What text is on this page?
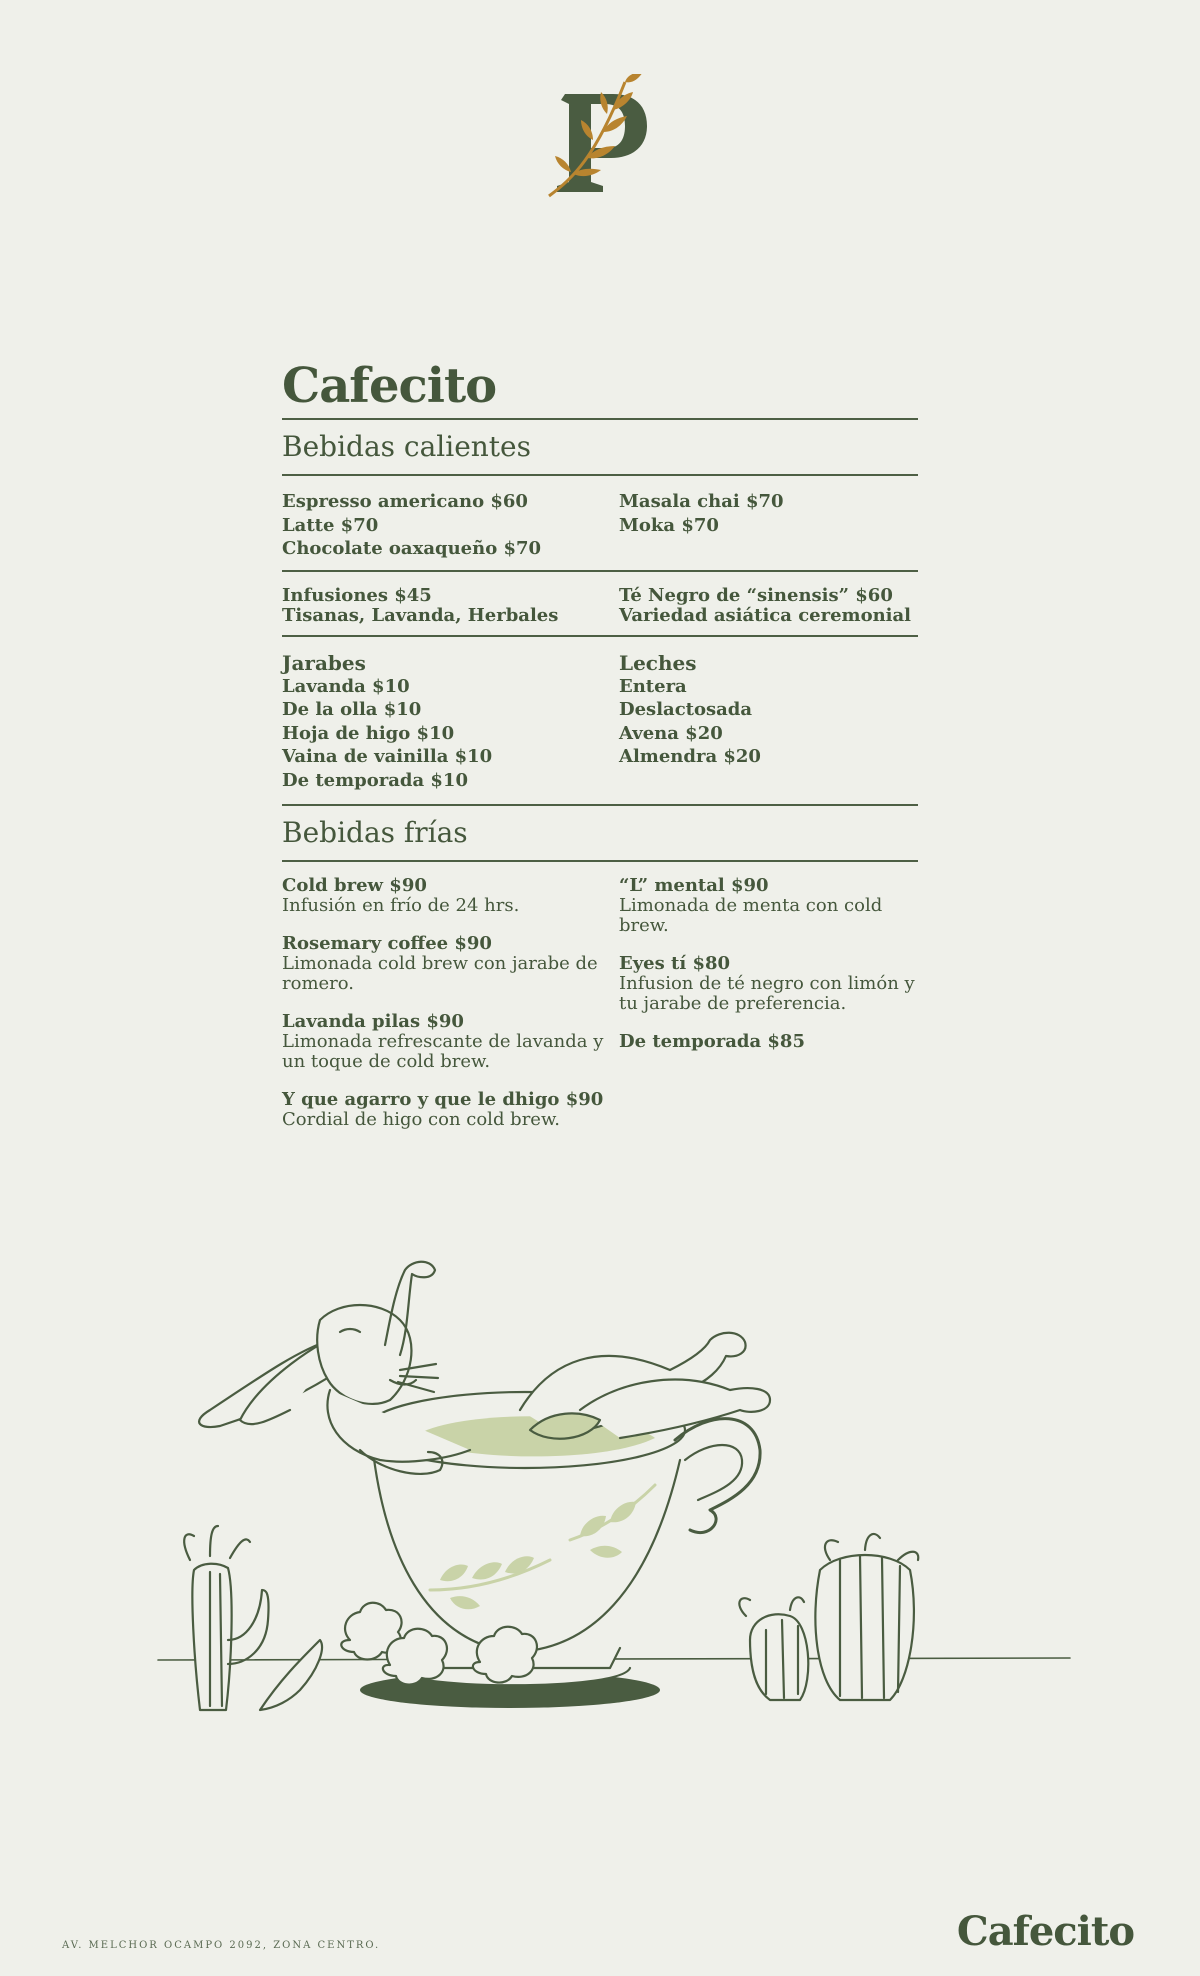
Cafecito
Bebidas calientes
Espresso americano $60
Latte $70
Chocolate oaxaqueño $70
Masala chai $70
Moka $70
Infusiones $45
Tisanas, Lavanda, Herbales
Té Negro de “sinensis” $60
Variedad asiática ceremonial
Jarabes
Lavanda $10
De la olla $10
Hoja de higo $10
Vaina de vainilla $10
De temporada $10
Leches
Entera
Deslactosada
Avena $20
Almendra $20
Bebidas frías
Cold brew $90
Infusión en frío de 24 hrs.
Rosemary coffee $90
Limonada cold brew con jarabe de romero.
Lavanda pilas $90
Limonada refrescante de lavanda y un toque de cold brew.
Y que agarro y que le dhigo $90
Cordial de higo con cold brew.
“L” mental $90
Limonada de menta con cold brew.
Eyes tí $80
Infusion de té negro con limón y tu jarabe de preferencia.
De temporada $85
AV. MELCHOR OCAMPO 2092, ZONA CENTRO.	Cafecito
